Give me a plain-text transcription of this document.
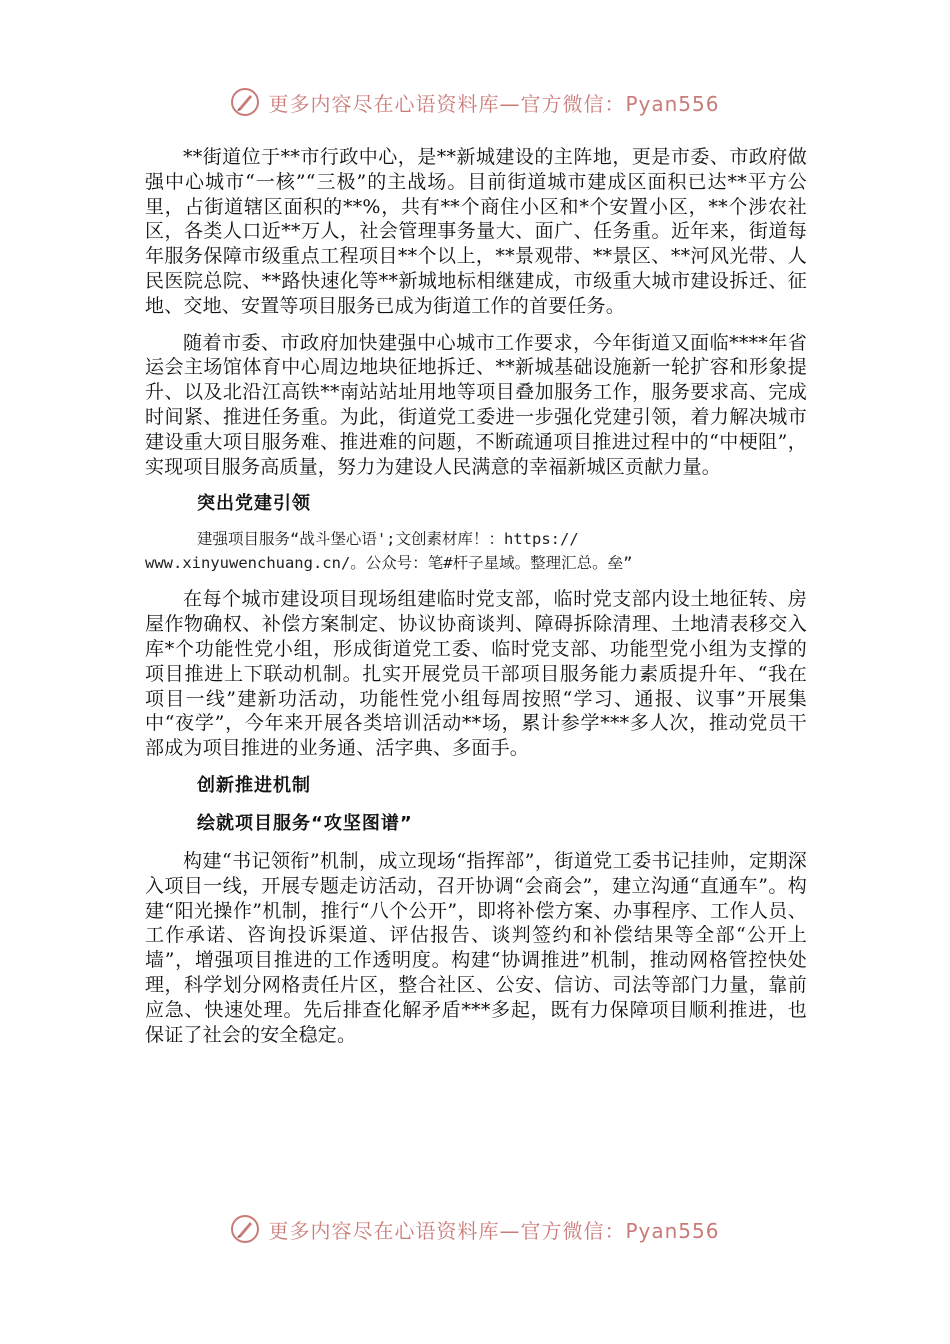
更多内容尽在心语资料库—官方微信：Pyan556

**街道位于**市行政中心，是**新城建设的主阵地，更是市委、市政府做强中心城市“一核”“三极”的主战场。目前街道城市建成区面积已达**平方公里，占街道辖区面积的**%，共有**个商住小区和*个安置小区，**个涉农社区，各类人口近**万人，社会管理事务量大、面广、任务重。近年来，街道每年服务保障市级重点工程项目**个以上，**景观带、**景区、**河风光带、人民医院总院、**路快速化等**新城地标相继建成，市级重大城市建设拆迁、征地、交地、安置等项目服务已成为街道工作的首要任务。

随着市委、市政府加快建强中心城市工作要求，今年街道又面临****年省运会主场馆体育中心周边地块征地拆迁、**新城基础设施新一轮扩容和形象提升、以及北沿江高铁**南站站址用地等项目叠加服务工作，服务要求高、完成时间紧、推进任务重。为此，街道党工委进一步强化党建引领，着力解决城市建设重大项目服务难、推进难的问题，不断疏通项目推进过程中的“中梗阻”，实现项目服务高质量，努力为建设人民满意的幸福新城区贡献力量。

突出党建引领
建强项目服务“战斗堡心语';文创素材库！：https://
www.xinyuwenchuang.cn/。公众号：笔#杆子星域。整理汇总。垒”

在每个城市建设项目现场组建临时党支部，临时党支部内设土地征转、房屋作物确权、补偿方案制定、协议协商谈判、障碍拆除清理、土地清表移交入库*个功能性党小组，形成街道党工委、临时党支部、功能型党小组为支撑的项目推进上下联动机制。扎实开展党员干部项目服务能力素质提升年、“我在项目一线”建新功活动，功能性党小组每周按照“学习、通报、议事”开展集中“夜学”，今年来开展各类培训活动**场，累计参学***多人次，推动党员干部成为项目推进的业务通、活字典、多面手。

创新推进机制
绘就项目服务“攻坚图谱”

构建“书记领衔”机制，成立现场“指挥部”，街道党工委书记挂帅，定期深入项目一线，开展专题走访活动，召开协调“会商会”，建立沟通“直通车”。构建“阳光操作”机制，推行“八个公开”，即将补偿方案、办事程序、工作人员、工作承诺、咨询投诉渠道、评估报告、谈判签约和补偿结果等全部“公开上墙”，增强项目推进的工作透明度。构建“协调推进”机制，推动网格管控快处理，科学划分网格责任片区，整合社区、公安、信访、司法等部门力量，靠前应急、快速处理。先后排查化解矛盾***多起，既有力保障项目顺利推进，也保证了社会的安全稳定。

更多内容尽在心语资料库—官方微信：Pyan556
